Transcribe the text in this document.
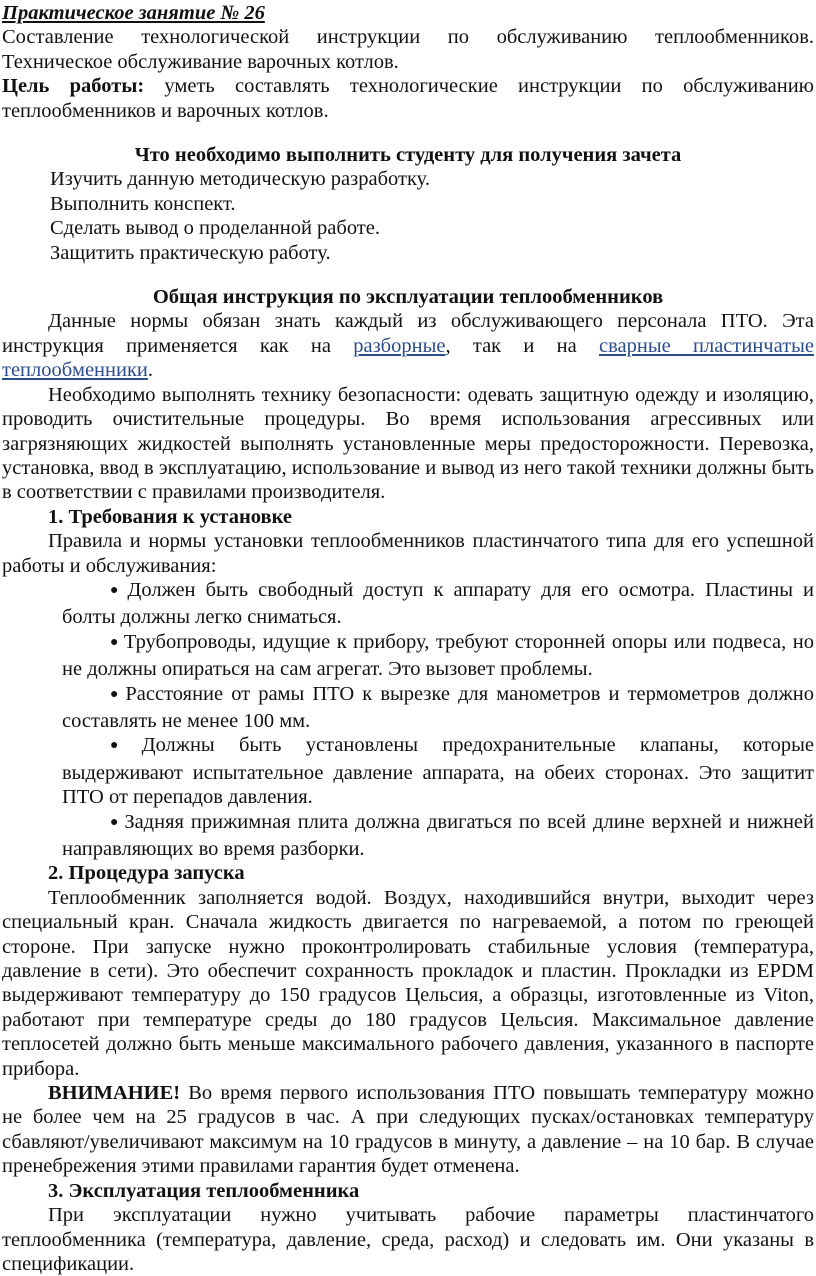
Практическое занятие № 26

Составление технологической инструкции по обслуживанию теплообменников. Техническое обслуживание варочных котлов.

Цель работы: уметь составлять технологические инструкции по обслуживанию теплообменников и варочных котлов.

Что необходимо выполнить студенту для получения зачета

Изучить данную методическую разработку.

Выполнить конспект.

Сделать вывод о проделанной работе.

Защитить практическую работу.

Общая инструкция по эксплуатации теплообменников

Данные нормы обязан знать каждый из обслуживающего персонала ПТО. Эта инструкция применяется как на разборные, так и на сварные пластинчатые теплообменники.

Необходимо выполнять технику безопасности: одевать защитную одежду и изоляцию, проводить очистительные процедуры. Во время использования агрессивных или загрязняющих жидкостей выполнять установленные меры предосторожности. Перевозка, установка, ввод в эксплуатацию, использование и вывод из него такой техники должны быть в соответствии с правилами производителя.

1. Требования к установке

Правила и нормы установки теплообменников пластинчатого типа для его успешной работы и обслуживания:

● Должен быть свободный доступ к аппарату для его осмотра. Пластины и болты должны легко сниматься.

● Трубопроводы, идущие к прибору, требуют сторонней опоры или подвеса, но не должны опираться на сам агрегат. Это вызовет проблемы.

● Расстояние от рамы ПТО к вырезке для манометров и термометров должно составлять не менее 100 мм.

● Должны быть установлены предохранительные клапаны, которые выдерживают испытательное давление аппарата, на обеих сторонах. Это защитит ПТО от перепадов давления.

● Задняя прижимная плита должна двигаться по всей длине верхней и нижней направляющих во время разборки.

2. Процедура запуска

Теплообменник заполняется водой. Воздух, находившийся внутри, выходит через специальный кран. Сначала жидкость двигается по нагреваемой, а потом по греющей стороне. При запуске нужно проконтролировать стабильные условия (температура, давление в сети). Это обеспечит сохранность прокладок и пластин. Прокладки из EPDM выдерживают температуру до 150 градусов Цельсия, а образцы, изготовленные из Viton, работают при температуре среды до 180 градусов Цельсия. Максимальное давление теплосетей должно быть меньше максимального рабочего давления, указанного в паспорте прибора.

ВНИМАНИЕ! Во время первого использования ПТО повышать температуру можно не более чем на 25 градусов в час. А при следующих пусках/остановках температуру сбавляют/увеличивают максимум на 10 градусов в минуту, а давление – на 10 бар. В случае пренебрежения этими правилами гарантия будет отменена.

3. Эксплуатация теплообменника

При эксплуатации нужно учитывать рабочие параметры пластинчатого теплообменника (температура, давление, среда, расход) и следовать им. Они указаны в спецификации.
